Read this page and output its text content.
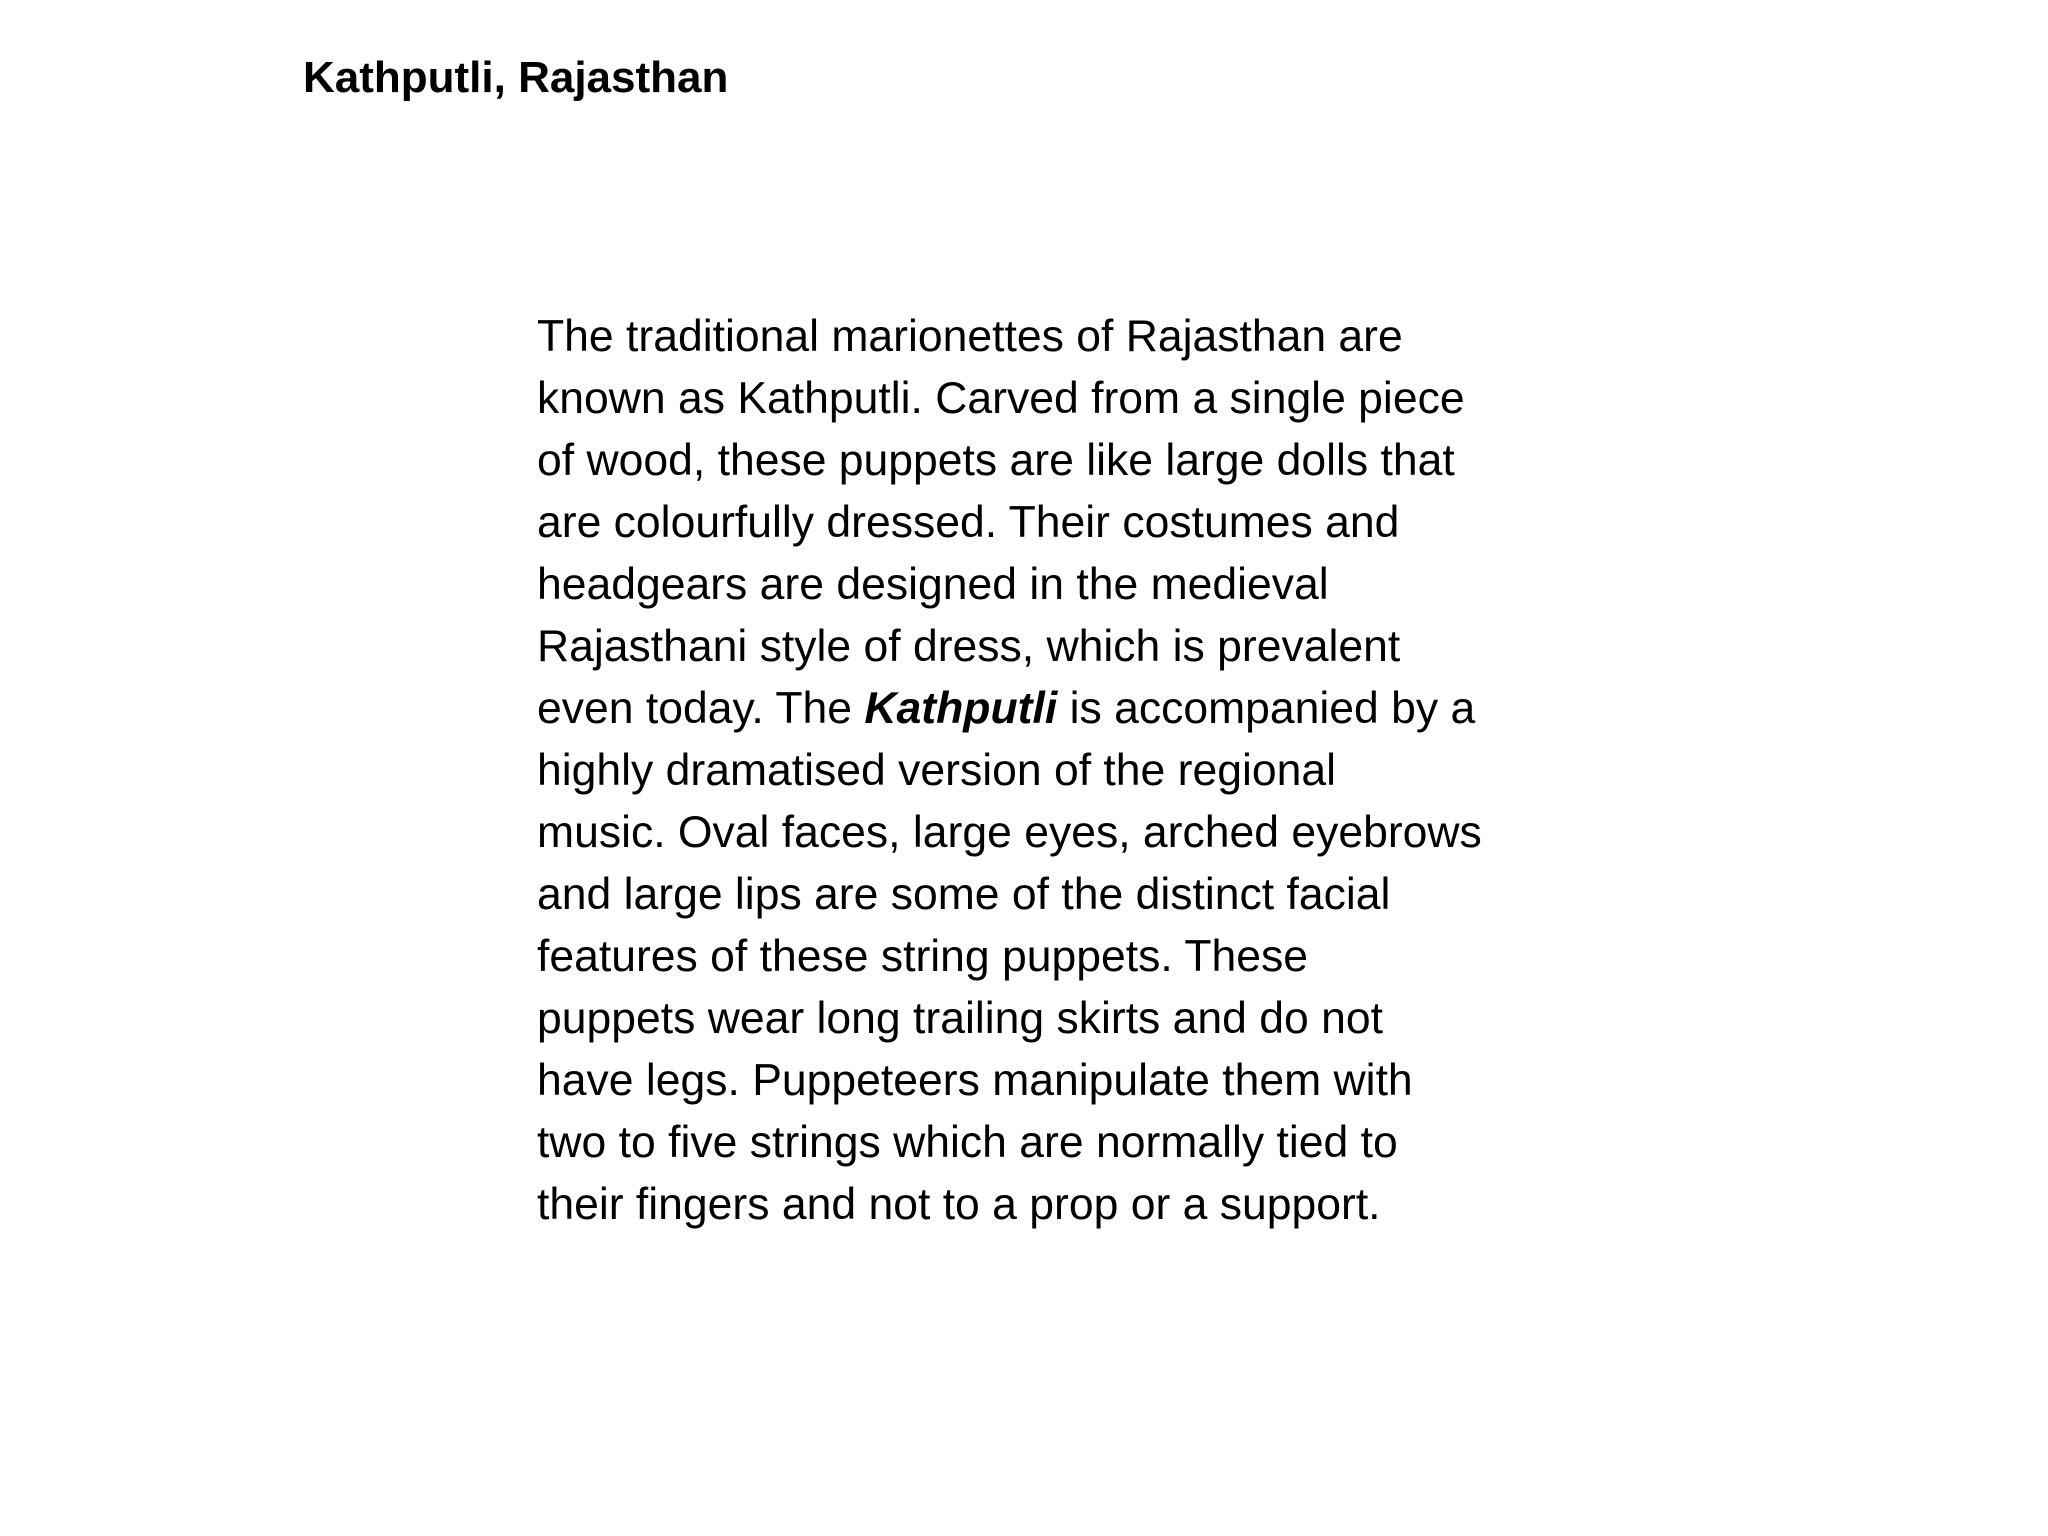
Kathputli, Rajasthan
The traditional marionettes of Rajasthan are
known as Kathputli. Carved from a single piece
of wood, these puppets are like large dolls that
are colourfully dressed. Their costumes and
headgears are designed in the medieval
Rajasthani style of dress, which is prevalent
even today. The Kathputli is accompanied by a
highly dramatised version of the regional
music. Oval faces, large eyes, arched eyebrows
and large lips are some of the distinct facial
features of these string puppets. These
puppets wear long trailing skirts and do not
have legs. Puppeteers manipulate them with
two to five strings which are normally tied to
their fingers and not to a prop or a support.
